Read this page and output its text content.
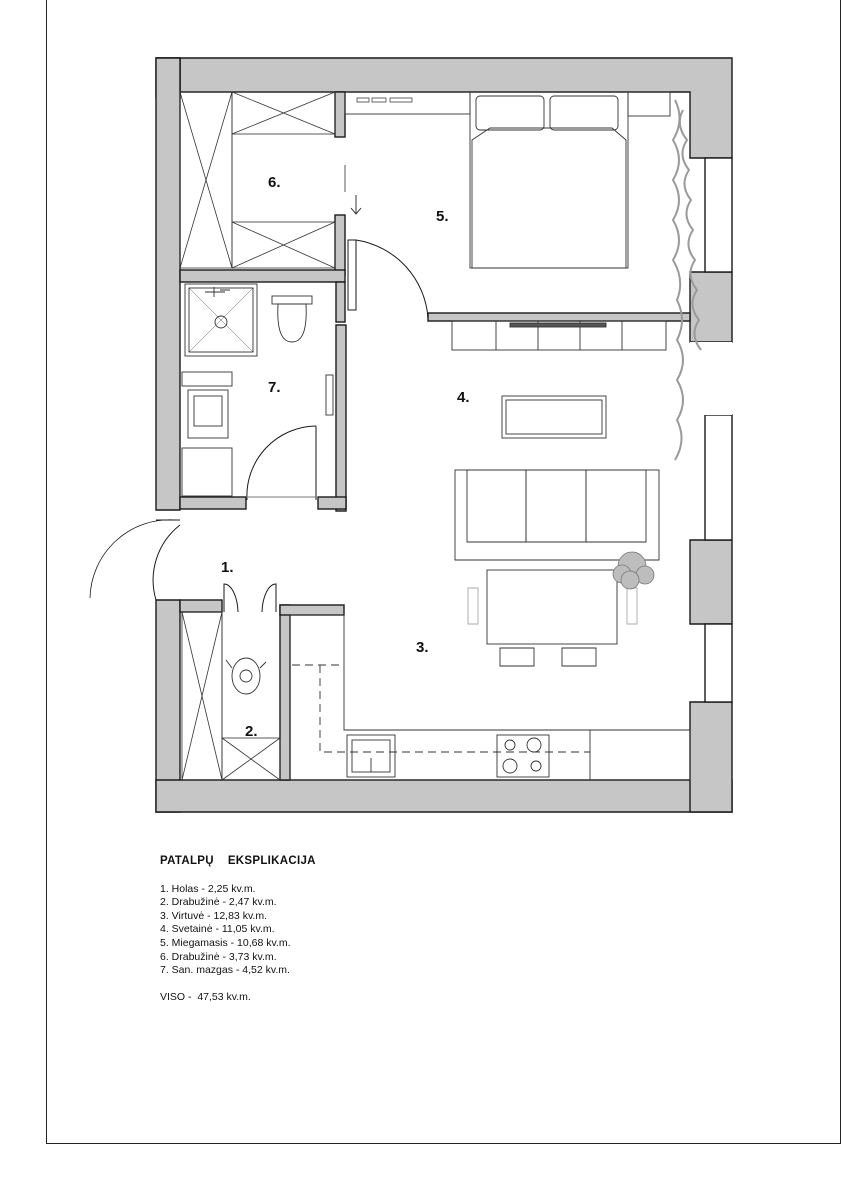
1.
2.
3.
4.
5.
6.
7.
PATALPŲ    EKSPLIKACIJA
1. Holas - 2,25 kv.m.
2. Drabužinė - 2,47 kv.m.
3. Virtuvė - 12,83 kv.m.
4. Svetainė - 11,05 kv.m.
5. Miegamasis - 10,68 kv.m.
6. Drabužinė - 3,73 kv.m.
7. San. mazgas - 4,52 kv.m.
VISO -  47,53 kv.m.
